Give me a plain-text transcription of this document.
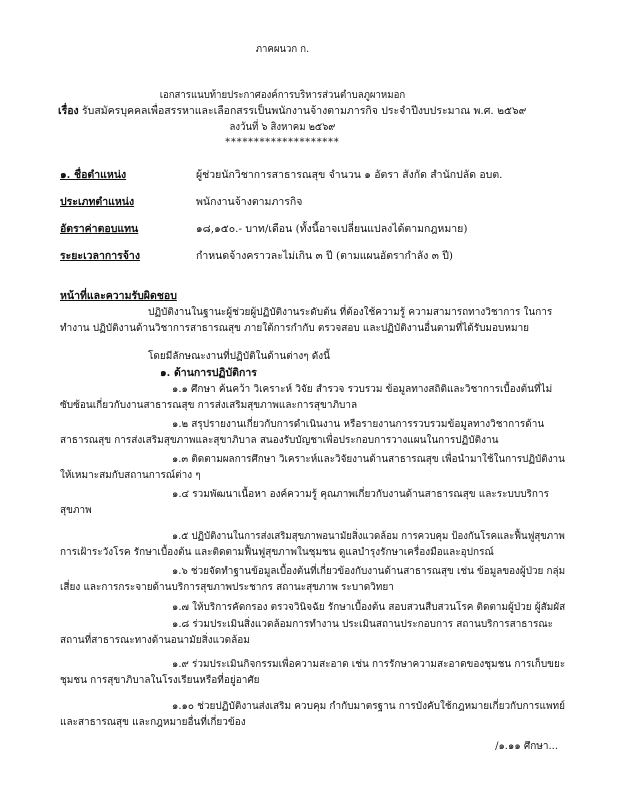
ภาคผนวก ก.
เอกสารแนบท้ายประกาศองค์การบริหารส่วนตำบลภูผาหมอก
เรื่อง รับสมัครบุคคลเพื่อสรรหาและเลือกสรรเป็นพนักงานจ้างตามภารกิจ ประจำปีงบประมาณ พ.ศ. ๒๕๖๙
ลงวันที่ ๖ สิงหาคม ๒๕๖๙
********************
๑. ชื่อตำแหน่ง	ผู้ช่วยนักวิชาการสาธารณสุข จำนวน ๑ อัตรา สังกัด สำนักปลัด อบต.
ประเภทตำแหน่ง	พนักงานจ้างตามภารกิจ
อัตราค่าตอบแทน	๑๘,๑๕๐.- บาท/เดือน (ทั้งนี้อาจเปลี่ยนแปลงได้ตามกฎหมาย)
ระยะเวลาการจ้าง	กำหนดจ้างคราวละไม่เกิน ๓ ปี (ตามแผนอัตรากำลัง ๓ ปี)
หน้าที่และความรับผิดชอบ
ปฏิบัติงานในฐานะผู้ช่วยผู้ปฏิบัติงานระดับต้น ที่ต้องใช้ความรู้ ความสามารถทางวิชาการ ในการ
ทำงาน ปฏิบัติงานด้านวิชาการสาธารณสุข ภายใต้การกำกับ ตรวจสอบ และปฏิบัติงานอื่นตามที่ได้รับมอบหมาย
โดยมีลักษณะงานที่ปฏิบัติในด้านต่างๆ ดังนี้
๑. ด้านการปฏิบัติการ
๑.๑ ศึกษา ค้นคว้า วิเคราะห์ วิจัย สำรวจ รวบรวม ข้อมูลทางสถิติและวิชาการเบื้องต้นที่ไม่
ซับซ้อนเกี่ยวกับงานสาธารณสุข การส่งเสริมสุขภาพและการสุขาภิบาล
๑.๒ สรุปรายงานเกี่ยวกับการดำเนินงาน หรือรายงานการรวบรวมข้อมูลทางวิชาการด้าน
สาธารณสุข การส่งเสริมสุขภาพและสุขาภิบาล สนองรับบัญชาเพื่อประกอบการวางแผนในการปฏิบัติงาน
๑.๓ ติดตามผลการศึกษา วิเคราะห์และวิจัยงานด้านสาธารณสุข เพื่อนำมาใช้ในการปฏิบัติงาน
ให้เหมาะสมกับสถานการณ์ต่าง ๆ
๑.๔ รวมพัฒนาเนื้อหา องค์ความรู้ คุณภาพเกี่ยวกับงานด้านสาธารณสุข และระบบบริการ
สุขภาพ
๑.๕ ปฏิบัติงานในการส่งเสริมสุขภาพอนามัยสิ่งแวดล้อม การควบคุม ป้องกันโรคและฟื้นฟูสุขภาพ
การเฝ้าระวังโรค รักษาเบื้องต้น และติดตามฟื้นฟูสุขภาพในชุมชน ดูแลบำรุงรักษาเครื่องมือและอุปกรณ์
๑.๖ ช่วยจัดทำฐานข้อมูลเบื้องต้นที่เกี่ยวข้องกับงานด้านสาธารณสุข เช่น ข้อมูลของผู้ป่วย กลุ่ม
เสี่ยง และการกระจายด้านบริการสุขภาพประชากร สถานะสุขภาพ ระบาดวิทยา
๑.๗ ให้บริการคัดกรอง ตรวจวินิจฉัย รักษาเบื้องต้น สอบสวนสืบสวนโรค ติดตามผู้ป่วย ผู้สัมผัส
๑.๘ ร่วมประเมินสิ่งแวดล้อมการทำงาน ประเมินสถานประกอบการ สถานบริการสาธารณะ
สถานที่สาธารณะทางด้านอนามัยสิ่งแวดล้อม
๑.๙ ร่วมประเมินกิจกรรมเพื่อความสะอาด เช่น การรักษาความสะอาดของชุมชน การเก็บขยะ
ชุมชน การสุขาภิบาลในโรงเรียนหรือที่อยู่อาศัย
๑.๑๐ ช่วยปฏิบัติงานส่งเสริม ควบคุม กำกับมาตรฐาน การบังคับใช้กฎหมายเกี่ยวกับการแพทย์
และสาธารณสุข และกฎหมายอื่นที่เกี่ยวข้อง
/๑.๑๑ ศึกษา...
